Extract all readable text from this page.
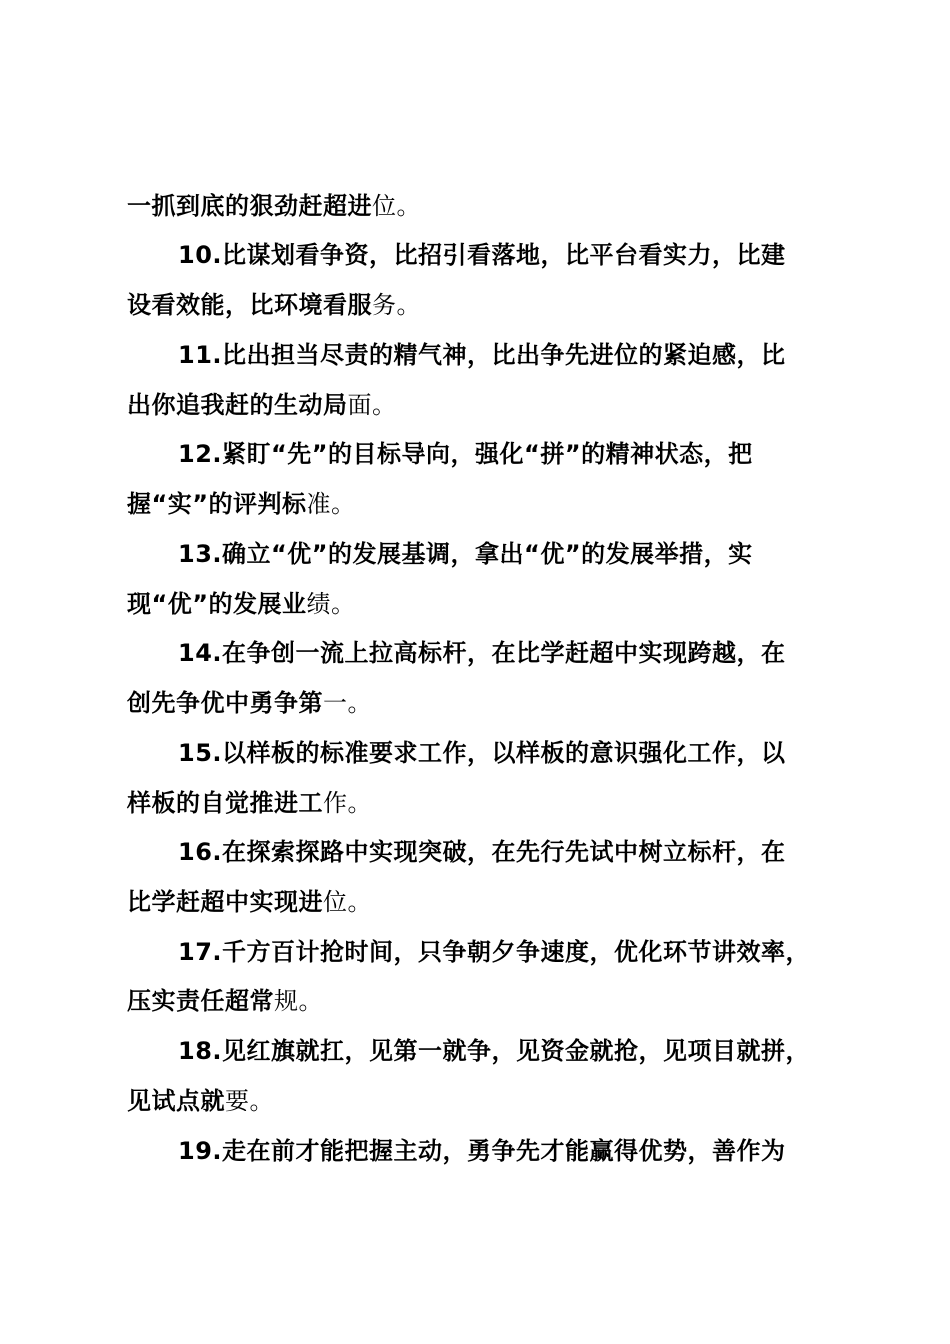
一抓到底的狠劲赶超进位。
10.比谋划看争资，比招引看落地，比平台看实力，比建
设看效能，比环境看服务。
11.比出担当尽责的精气神，比出争先进位的紧迫感，比
出你追我赶的生动局面。
12.紧盯“先”的目标导向，强化“拼”的精神状态，把
握“实”的评判标准。
13.确立“优”的发展基调，拿出“优”的发展举措，实
现“优”的发展业绩。
14.在争创一流上拉高标杆，在比学赶超中实现跨越，在
创先争优中勇争第一。
15.以样板的标准要求工作，以样板的意识强化工作，以
样板的自觉推进工作。
16.在探索探路中实现突破，在先行先试中树立标杆，在
比学赶超中实现进位。
17.千方百计抢时间，只争朝夕争速度，优化环节讲效率，
压实责任超常规。
18.见红旗就扛，见第一就争，见资金就抢，见项目就拼，
见试点就要。
19.走在前才能把握主动，勇争先才能赢得优势，善作为
